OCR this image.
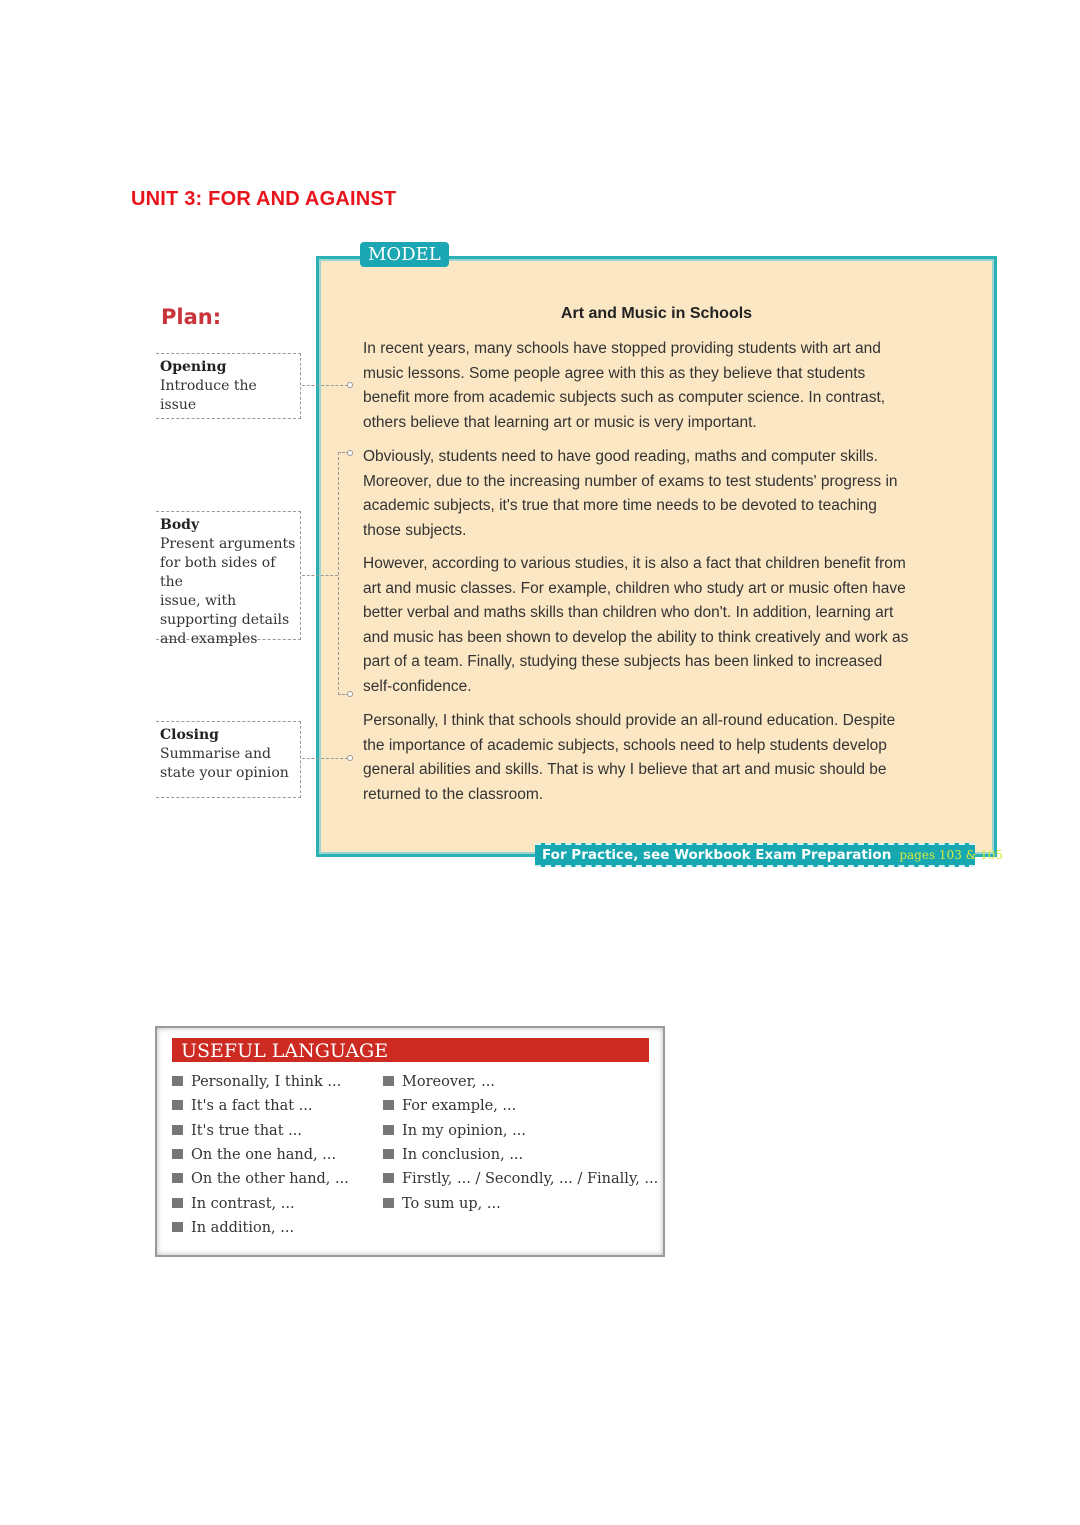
UNIT 3: FOR AND AGAINST
Plan:
MODEL
Art and Music in Schools
For Practice, see Workbook Exam Preparation pages 103 & 105
USEFUL LANGUAGE
Opening
Introduce the
issue
Body
Present arguments
for both sides of the
issue, with
supporting details
and examples
Closing
Summarise and
state your opinion
In recent years, many schools have stopped providing students with art and
music lessons. Some people agree with this as they believe that students
benefit more from academic subjects such as computer science. In contrast,
others believe that learning art or music is very important.
Obviously, students need to have good reading, maths and computer skills.
Moreover, due to the increasing number of exams to test students' progress in
academic subjects, it's true that more time needs to be devoted to teaching
those subjects.
However, according to various studies, it is also a fact that children benefit from
art and music classes. For example, children who study art or music often have
better verbal and maths skills than children who don't. In addition, learning art
and music has been shown to develop the ability to think creatively and work as
part of a team. Finally, studying these subjects has been linked to increased
self-confidence.
Personally, I think that schools should provide an all-round education. Despite
the importance of academic subjects, schools need to help students develop
general abilities and skills. That is why I believe that art and music should be
returned to the classroom.
Personally, I think ...
It's a fact that ...
It's true that ...
On the one hand, ...
On the other hand, ...
In contrast, ...
In addition, ...
Moreover, ...
For example, ...
In my opinion, ...
In conclusion, ...
Firstly, ... / Secondly, ... / Finally, ...
To sum up, ...
